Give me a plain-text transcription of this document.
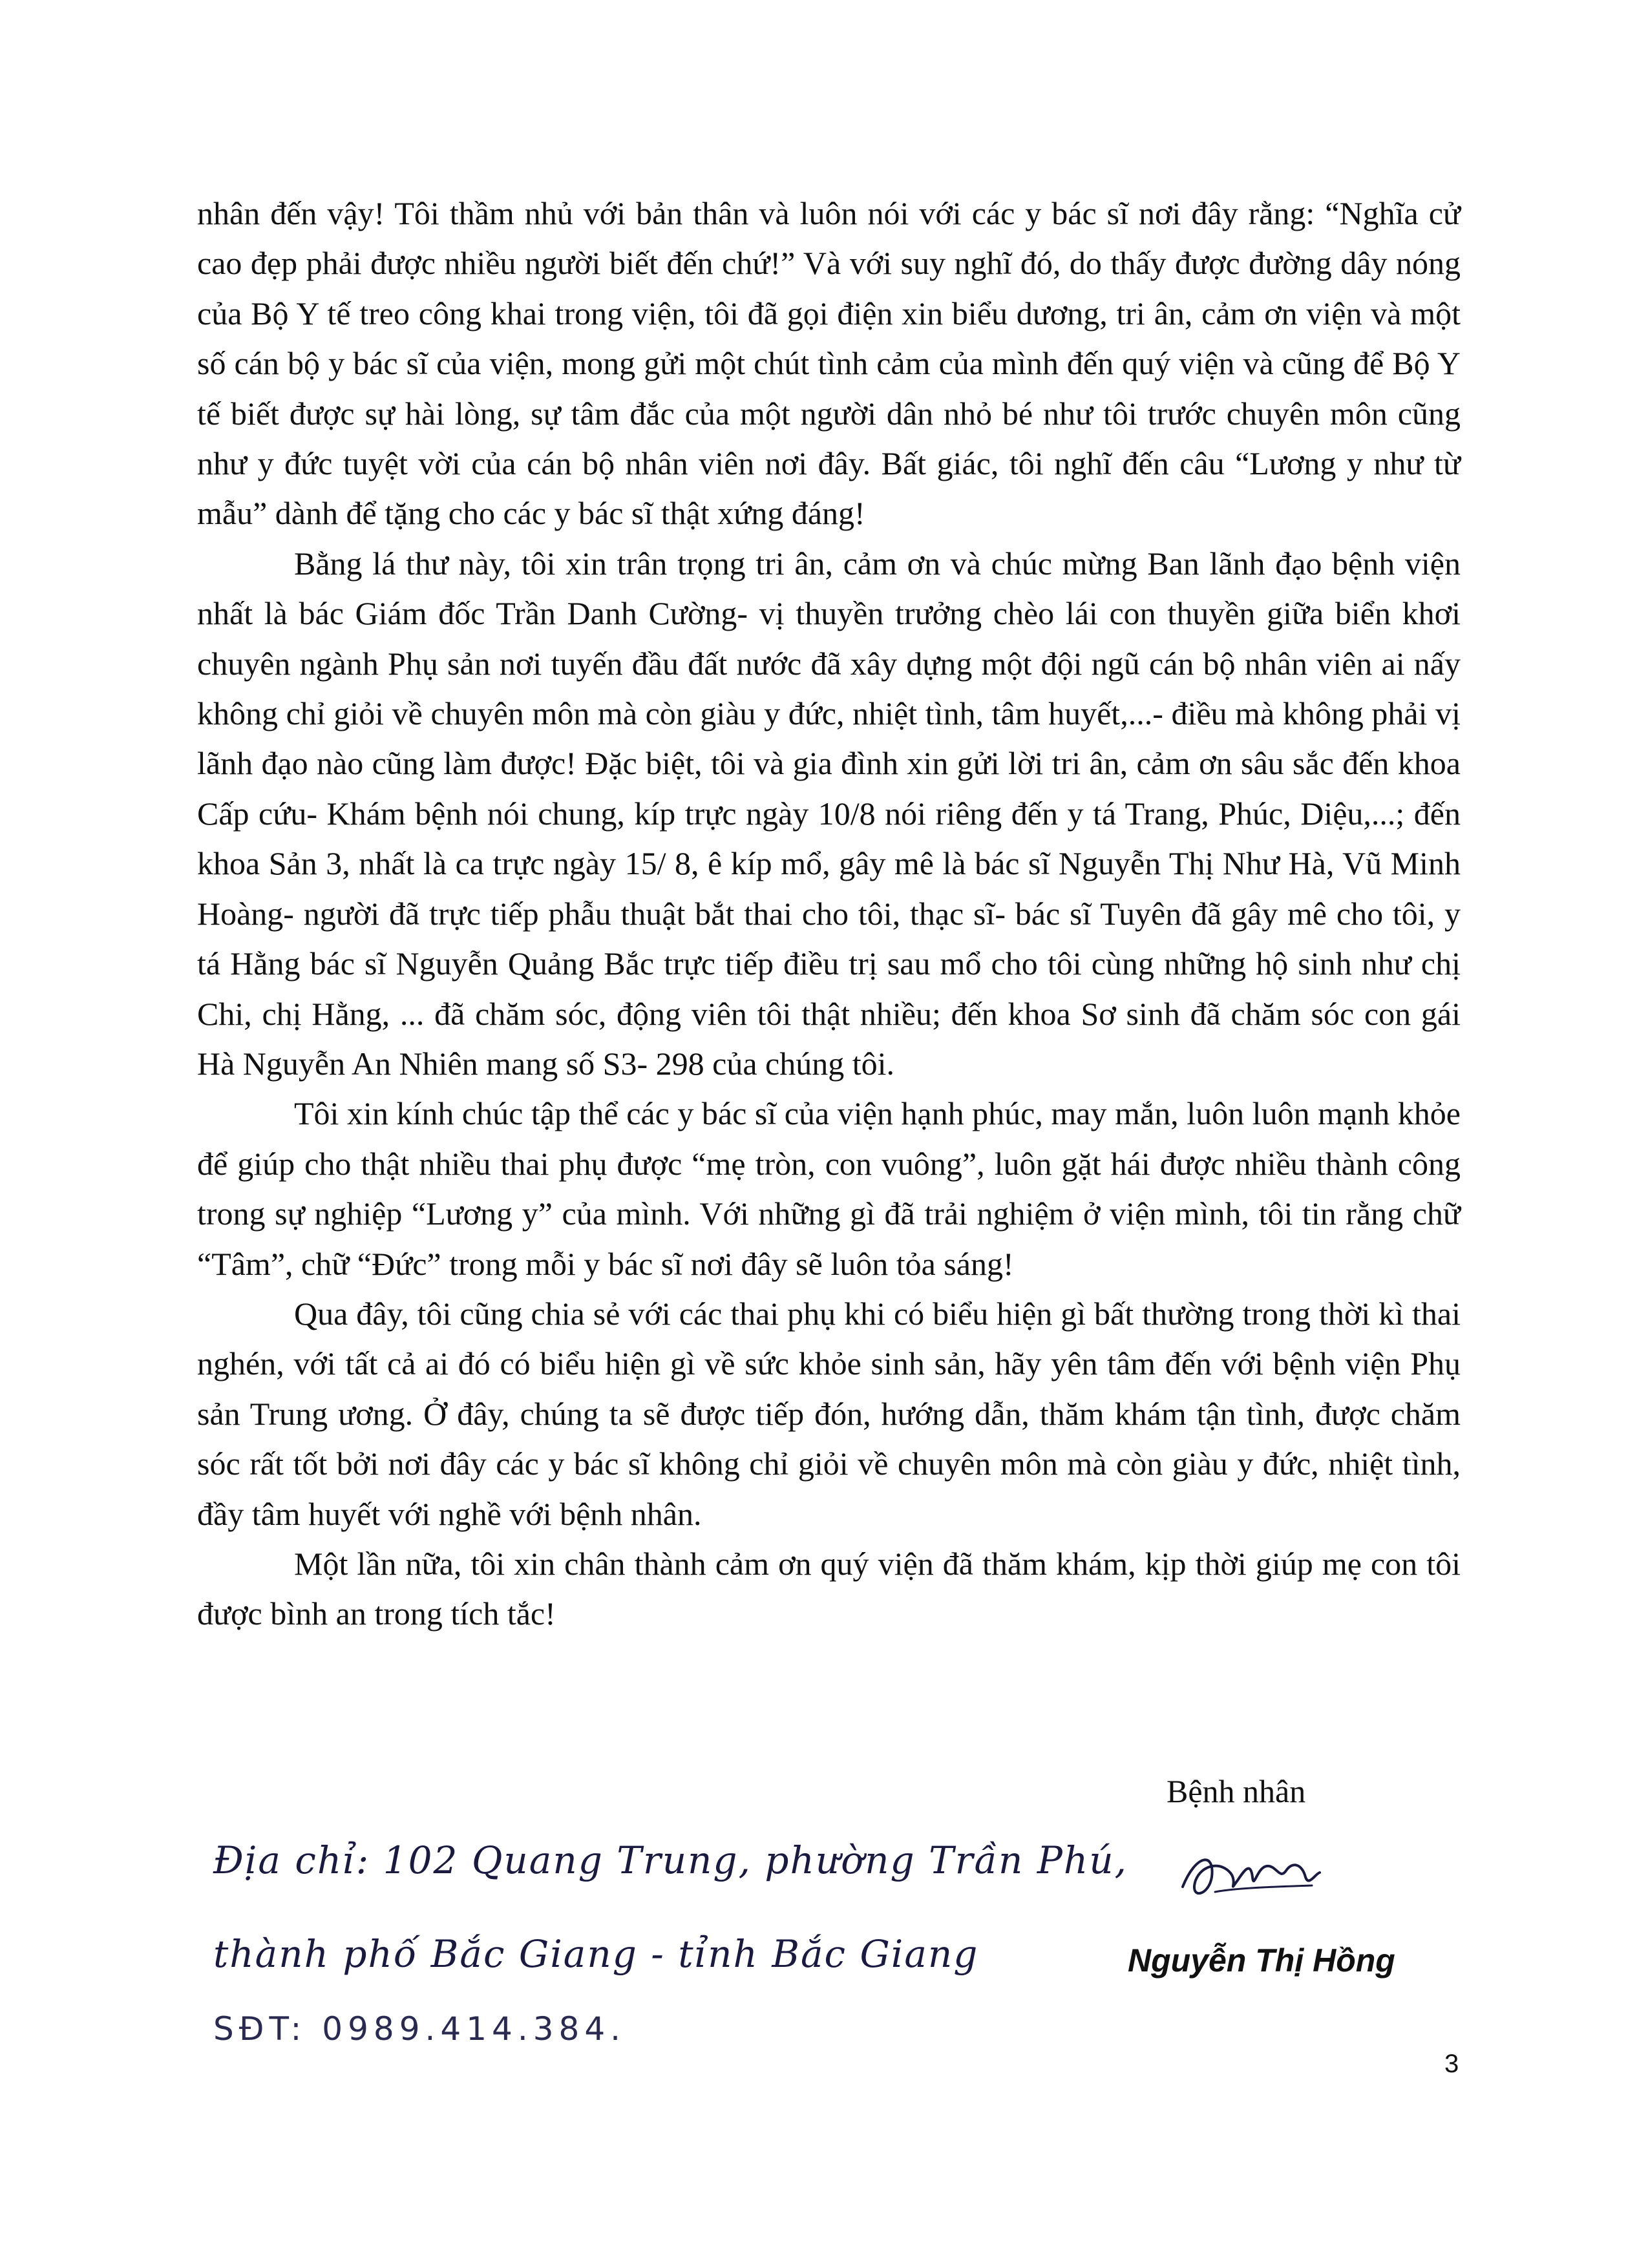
nhân đến vậy! Tôi thầm nhủ với bản thân và luôn nói với các y bác sĩ nơi đây rằng: “Nghĩa cử cao đẹp phải được nhiều người biết đến chứ!” Và với suy nghĩ đó, do thấy được đường dây nóng của Bộ Y tế treo công khai trong viện, tôi đã gọi điện xin biểu dương, tri ân, cảm ơn viện và một số cán bộ y bác sĩ của viện, mong gửi một chút tình cảm của mình đến quý viện và cũng để Bộ Y tế biết được sự hài lòng, sự tâm đắc của một người dân nhỏ bé như tôi trước chuyên môn cũng như y đức tuyệt vời của cán bộ nhân viên nơi đây. Bất giác, tôi nghĩ đến câu “Lương y như từ mẫu” dành để tặng cho các y bác sĩ thật xứng đáng!

Bằng lá thư này, tôi xin trân trọng tri ân, cảm ơn và chúc mừng Ban lãnh đạo bệnh viện nhất là bác Giám đốc Trần Danh Cường- vị thuyền trưởng chèo lái con thuyền giữa biển khơi chuyên ngành Phụ sản nơi tuyến đầu đất nước đã xây dựng một đội ngũ cán bộ nhân viên ai nấy không chỉ giỏi về chuyên môn mà còn giàu y đức, nhiệt tình, tâm huyết,...- điều mà không phải vị lãnh đạo nào cũng làm được! Đặc biệt, tôi và gia đình xin gửi lời tri ân, cảm ơn sâu sắc đến khoa Cấp cứu- Khám bệnh nói chung, kíp trực ngày 10/8 nói riêng đến y tá Trang, Phúc, Diệu,...; đến khoa Sản 3, nhất là ca trực ngày 15/ 8, ê kíp mổ, gây mê là bác sĩ Nguyễn Thị Như Hà, Vũ Minh Hoàng- người đã trực tiếp phẫu thuật bắt thai cho tôi, thạc sĩ- bác sĩ Tuyên đã gây mê cho tôi, y tá Hằng bác sĩ Nguyễn Quảng Bắc trực tiếp điều trị sau mổ cho tôi cùng những hộ sinh như chị Chi, chị Hằng, ... đã chăm sóc, động viên tôi thật nhiều; đến khoa Sơ sinh đã chăm sóc con gái Hà Nguyễn An Nhiên mang số S3- 298 của chúng tôi.

Tôi xin kính chúc tập thể các y bác sĩ của viện hạnh phúc, may mắn, luôn luôn mạnh khỏe để giúp cho thật nhiều thai phụ được “mẹ tròn, con vuông”, luôn gặt hái được nhiều thành công trong sự nghiệp “Lương y” của mình. Với những gì đã trải nghiệm ở viện mình, tôi tin rằng chữ “Tâm”, chữ “Đức” trong mỗi y bác sĩ nơi đây sẽ luôn tỏa sáng!

Qua đây, tôi cũng chia sẻ với các thai phụ khi có biểu hiện gì bất thường trong thời kì thai nghén, với tất cả ai đó có biểu hiện gì về sức khỏe sinh sản, hãy yên tâm đến với bệnh viện Phụ sản Trung ương. Ở đây, chúng ta sẽ được tiếp đón, hướng dẫn, thăm khám tận tình, được chăm sóc rất tốt bởi nơi đây các y bác sĩ không chỉ giỏi về chuyên môn mà còn giàu y đức, nhiệt tình, đầy tâm huyết với nghề với bệnh nhân.

Một lần nữa, tôi xin chân thành cảm ơn quý viện đã thăm khám, kịp thời giúp mẹ con tôi được bình an trong tích tắc!

Bệnh nhân
Địa chỉ: 102 Quang Trung, phường Trần Phú,
thành phố Bắc Giang - tỉnh Bắc Giang
SĐT: 0989.414.384.
Nguyễn Thị Hồng
3
